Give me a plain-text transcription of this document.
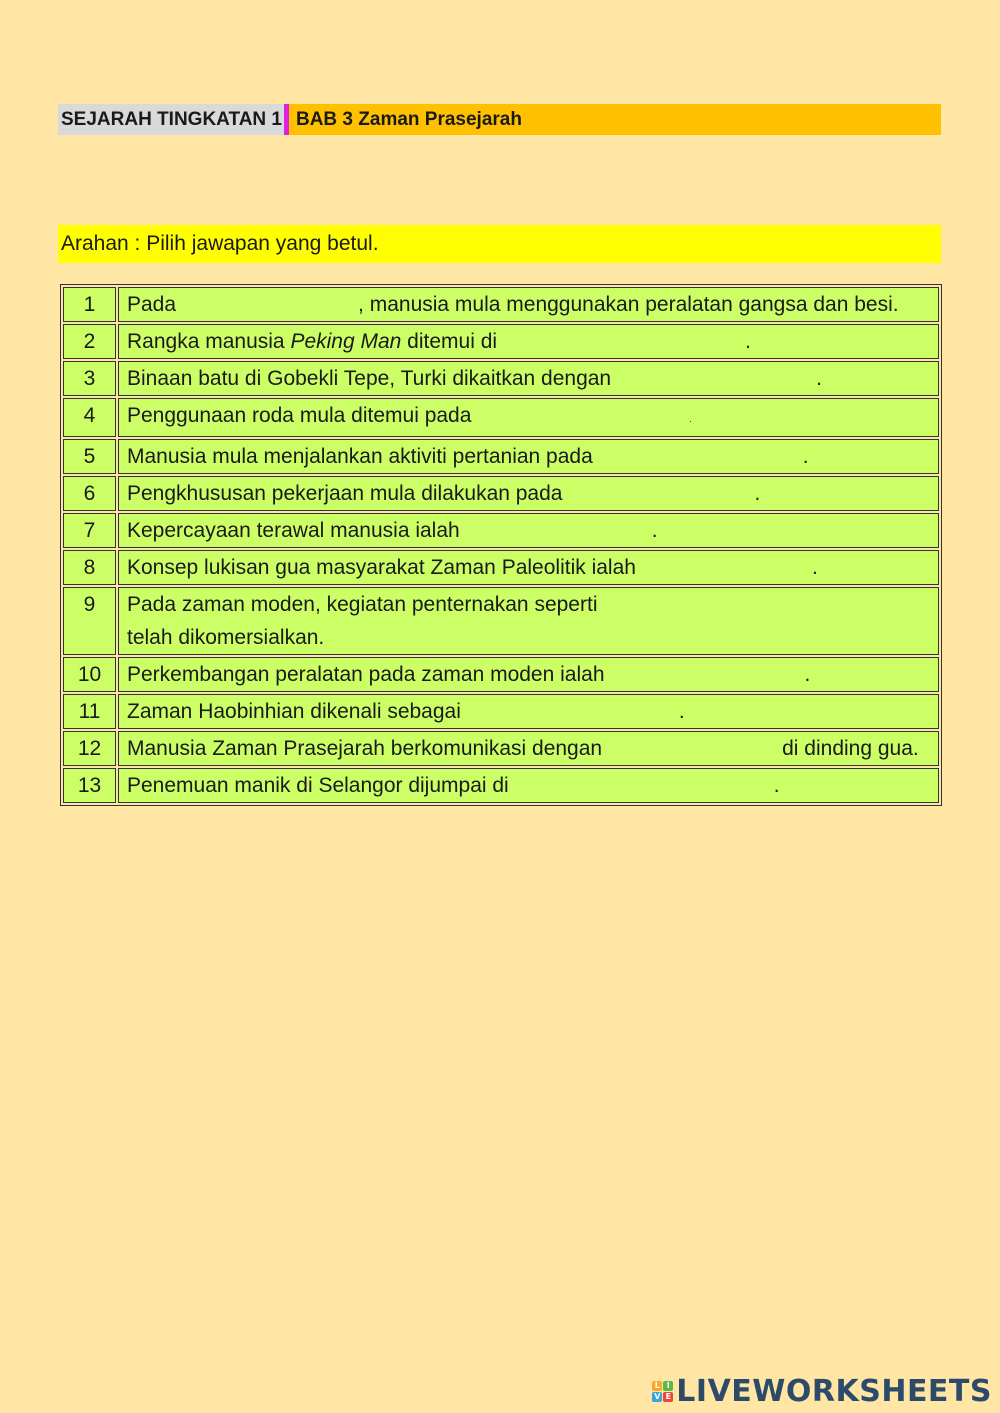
SEJARAH TINGKATAN 1 BAB 3 Zaman Prasejarah
Arahan : Pilih jawapan yang betul.
1	Pada , manusia mula menggunakan peralatan gangsa dan besi.
2	Rangka manusia Peking Man ditemui di .
3	Binaan batu di Gobekli Tepe, Turki dikaitkan dengan .
4	Penggunaan roda mula ditemui pada .
5	Manusia mula menjalankan aktiviti pertanian pada .
6	Pengkhususan pekerjaan mula dilakukan pada .
7	Kepercayaan terawal manusia ialah .
8	Konsep lukisan gua masyarakat Zaman Paleolitik ialah .
9	Pada zaman moden, kegiatan penternakan seperti
telah dikomersialkan.
10	Perkembangan peralatan pada zaman moden ialah .
11	Zaman Haobinhian dikenali sebagai .
12	Manusia Zaman Prasejarah berkomunikasi dengan di dinding gua.
13	Penemuan manik di Selangor dijumpai di .
L I
V E LIVEWORKSHEETS
